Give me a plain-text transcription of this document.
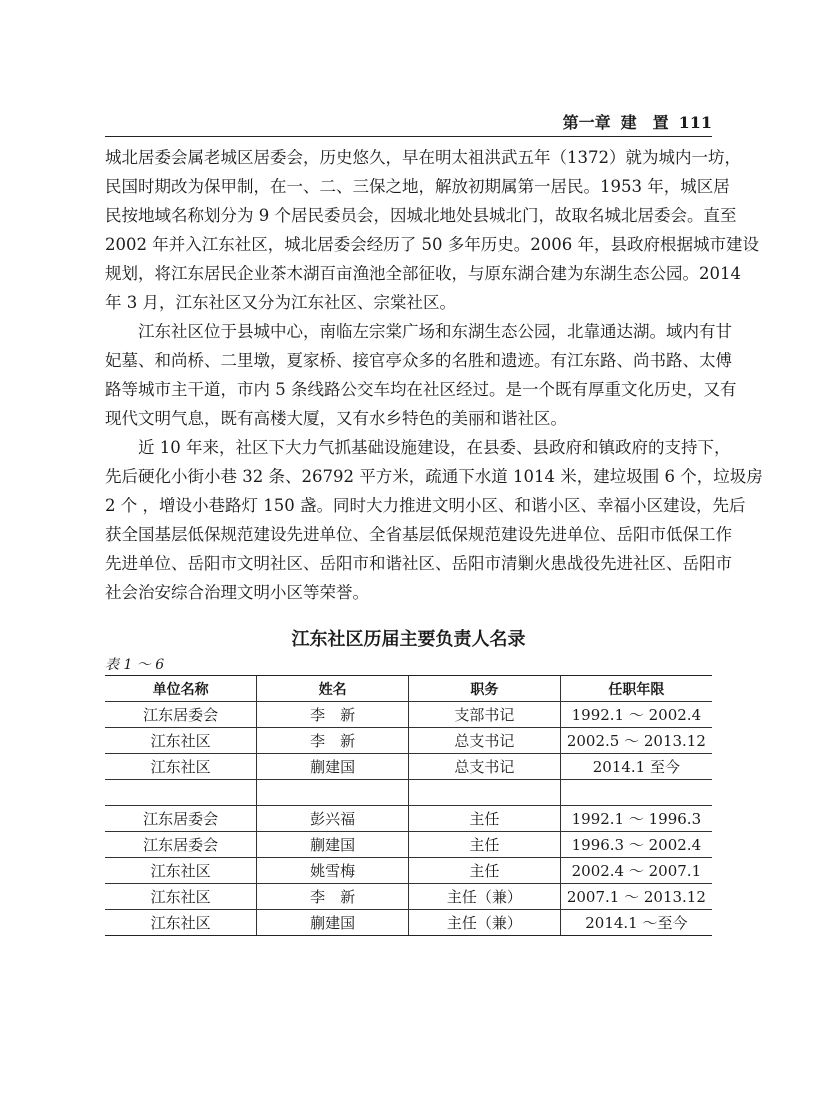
第一章 建　置 111
城北居委会属老城区居委会，历史悠久，早在明太祖洪武五年（1372）就为城内一坊，
民国时期改为保甲制，在一、二、三保之地，解放初期属第一居民。1953 年，城区居
民按地域名称划分为 9 个居民委员会，因城北地处县城北门，故取名城北居委会。直至
2002 年并入江东社区，城北居委会经历了 50 多年历史。2006 年，县政府根据城市建设
规划，将江东居民企业茶木湖百亩渔池全部征收，与原东湖合建为东湖生态公园。2014
年 3 月，江东社区又分为江东社区、宗棠社区。
江东社区位于县城中心，南临左宗棠广场和东湖生态公园，北靠通达湖。域内有甘
妃墓、和尚桥、二里墩，夏家桥、接官亭众多的名胜和遗迹。有江东路、尚书路、太傅
路等城市主干道，市内 5 条线路公交车均在社区经过。是一个既有厚重文化历史，又有
现代文明气息，既有高楼大厦，又有水乡特色的美丽和谐社区。
近 10 年来，社区下大力气抓基础设施建设，在县委、县政府和镇政府的支持下，
先后硬化小街小巷 32 条、26792 平方米，疏通下水道 1014 米，建垃圾围 6 个，垃圾房
2 个 ，增设小巷路灯 150 盏。同时大力推进文明小区、和谐小区、幸福小区建设，先后
获全国基层低保规范建设先进单位、全省基层低保规范建设先进单位、岳阳市低保工作
先进单位、岳阳市文明社区、岳阳市和谐社区、岳阳市清剿火患战役先进社区、岳阳市
社会治安综合治理文明小区等荣誉。
江东社区历届主要负责人名录
表 1 ～ 6
单位名称	姓名	职务	任职年限
江东居委会	李　新	支部书记	1992.1 ～ 2002.4
江东社区	李　新	总支书记	2002.5 ～ 2013.12
江东社区	蒯建国	总支书记	2014.1 至今

江东居委会	彭兴福	主任	1992.1 ～ 1996.3
江东居委会	蒯建国	主任	1996.3 ～ 2002.4
江东社区	姚雪梅	主任	2002.4 ～ 2007.1
江东社区	李　新	主任（兼）	2007.1 ～ 2013.12
江东社区	蒯建国	主任（兼）	2014.1 ～至今
